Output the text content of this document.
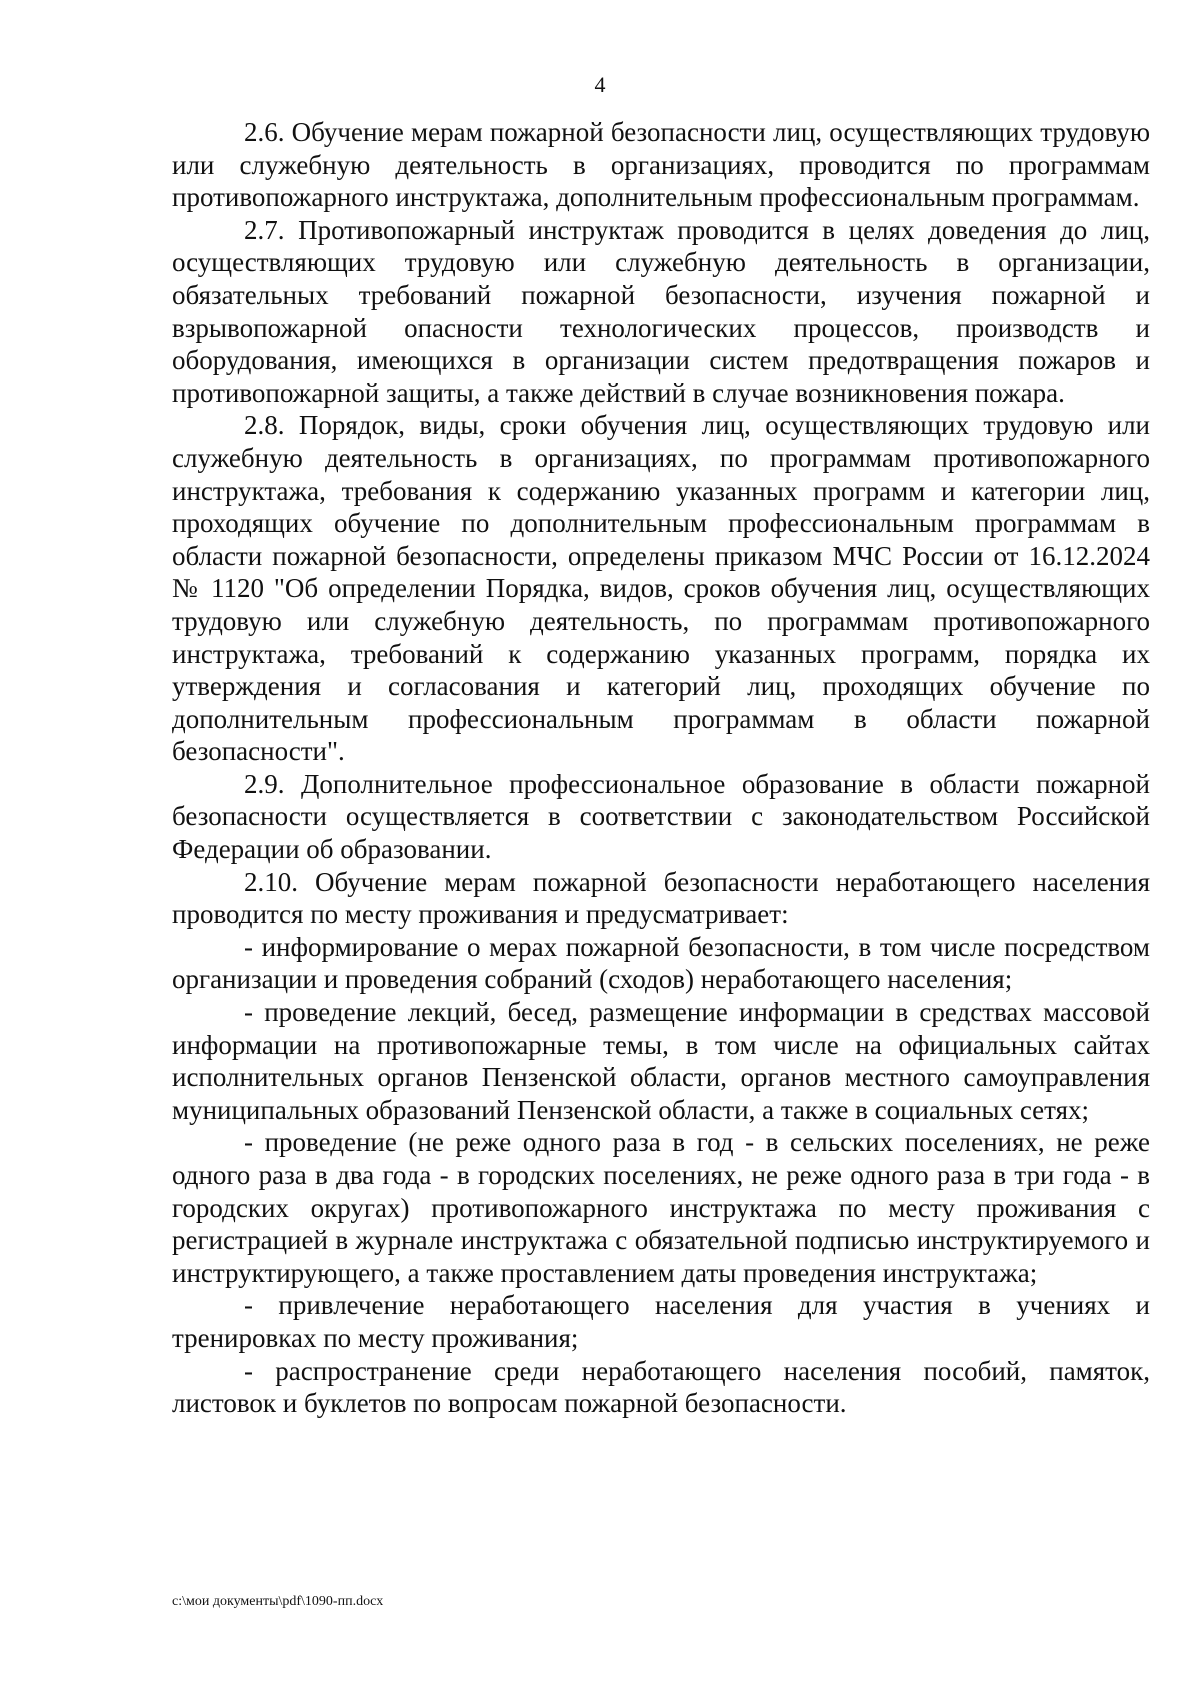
4

2.6. Обучение мерам пожарной безопасности лиц, осуществляющих трудовую или служебную деятельность в организациях, проводится по программам противопожарного инструктажа, дополнительным профессиональным программам.

2.7. Противопожарный инструктаж проводится в целях доведения до лиц, осуществляющих трудовую или служебную деятельность в организации, обязательных требований пожарной безопасности, изучения пожарной и взрывопожарной опасности технологических процессов, производств и оборудования, имеющихся в организации систем предотвращения пожаров и противопожарной защиты, а также действий в случае возникновения пожара.

2.8. Порядок, виды, сроки обучения лиц, осуществляющих трудовую или служебную деятельность в организациях, по программам противопожарного инструктажа, требования к содержанию указанных программ и категории лиц, проходящих обучение по дополнительным профессиональным программам в области пожарной безопасности, определены приказом МЧС России от 16.12.2024 № 1120 "Об определении Порядка, видов, сроков обучения лиц, осуществляющих трудовую или служебную деятельность, по программам противопожарного инструктажа, требований к содержанию указанных программ, порядка их утверждения и согласования и категорий лиц, проходящих обучение по дополнительным профессиональным программам в области пожарной безопасности".

2.9. Дополнительное профессиональное образование в области пожарной безопасности осуществляется в соответствии с законодательством Российской Федерации об образовании.

2.10. Обучение мерам пожарной безопасности неработающего населения проводится по месту проживания и предусматривает:

- информирование о мерах пожарной безопасности, в том числе посредством организации и проведения собраний (сходов) неработающего населения;

- проведение лекций, бесед, размещение информации в средствах массовой информации на противопожарные темы, в том числе на официальных сайтах исполнительных органов Пензенской области, органов местного самоуправления муниципальных образований Пензенской области, а также в социальных сетях;

- проведение (не реже одного раза в год - в сельских поселениях, не реже одного раза в два года - в городских поселениях, не реже одного раза в три года - в городских округах) противопожарного инструктажа по месту проживания с регистрацией в журнале инструктажа с обязательной подписью инструктируемого и инструктирующего, а также проставлением даты проведения инструктажа;

- привлечение неработающего населения для участия в учениях и тренировках по месту проживания;

- распространение среди неработающего населения пособий, памяток, листовок и буклетов по вопросам пожарной безопасности.

c:\мои документы\pdf\1090-пп.docx
